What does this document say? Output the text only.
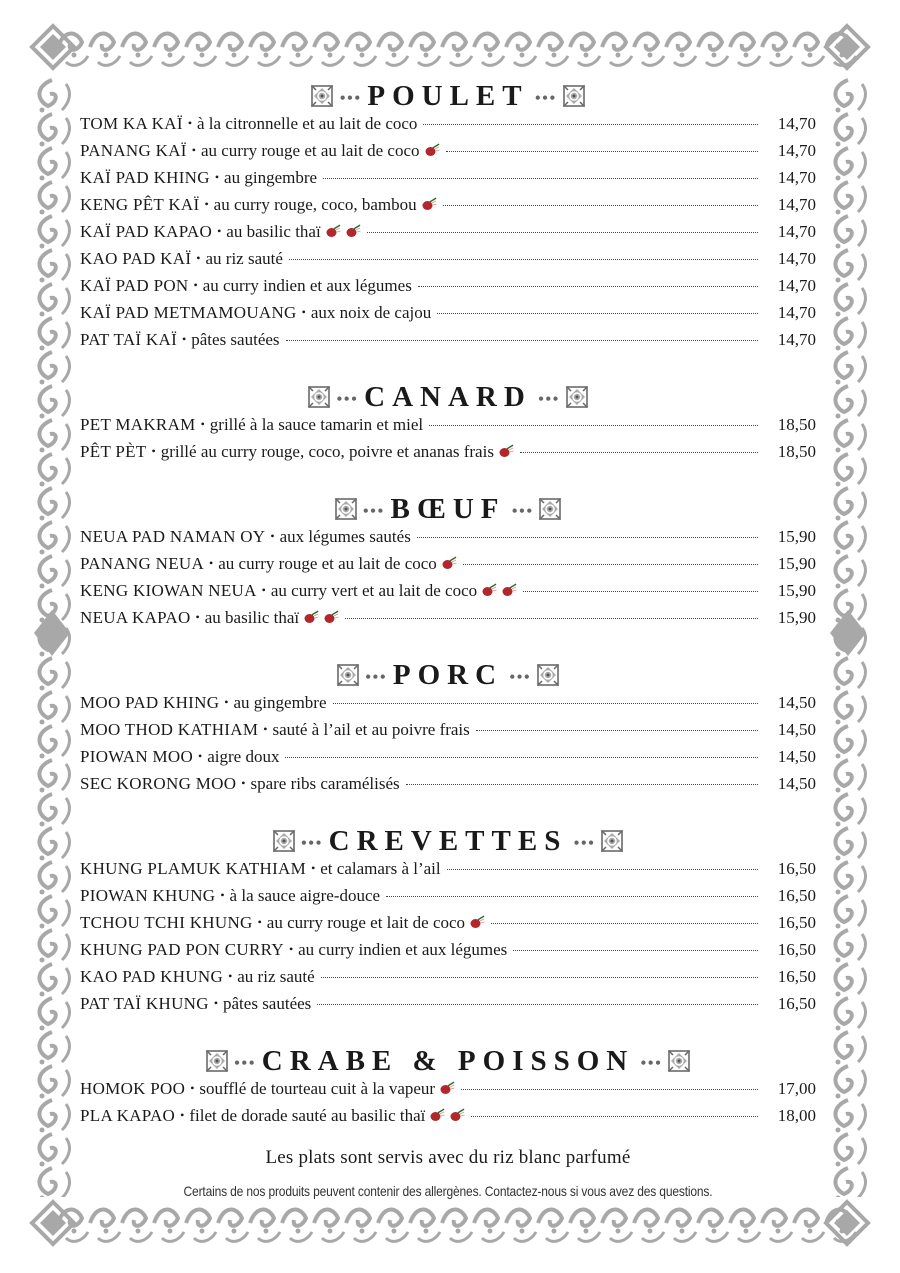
••• POULET •••
TOM KA KAÏ • à la citronnelle et au lait de coco	14,70
PANANG KAÏ • au curry rouge et au lait de coco	14,70
KAÏ PAD KHING • au gingembre	14,70
KENG PÊT KAÏ • au curry rouge, coco, bambou	14,70
KAÏ PAD KAPAO • au basilic thaï	14,70
KAO PAD KAÏ • au riz sauté	14,70
KAÏ PAD PON • au curry indien et aux légumes	14,70
KAÏ PAD METMAMOUANG • aux noix de cajou	14,70
PAT TAÏ KAÏ • pâtes sautées	14,70
••• CANARD •••
PET MAKRAM • grillé à la sauce tamarin et miel	18,50
PÊT PÈT • grillé au curry rouge, coco, poivre et ananas frais	18,50
••• BŒUF •••
NEUA PAD NAMAN OY • aux légumes sautés	15,90
PANANG NEUA • au curry rouge et au lait de coco	15,90
KENG KIOWAN NEUA • au curry vert et au lait de coco	15,90
NEUA KAPAO • au basilic thaï	15,90
••• PORC •••
MOO PAD KHING • au gingembre	14,50
MOO THOD KATHIAM • sauté à l’ail et au poivre frais	14,50
PIOWAN MOO • aigre doux	14,50
SEC KORONG MOO • spare ribs caramélisés	14,50
••• CREVETTES •••
KHUNG PLAMUK KATHIAM • et calamars à l’ail	16,50
PIOWAN KHUNG • à la sauce aigre-douce	16,50
TCHOU TCHI KHUNG • au curry rouge et lait de coco	16,50
KHUNG PAD PON CURRY • au curry indien et aux légumes	16,50
KAO PAD KHUNG • au riz sauté	16,50
PAT TAÏ KHUNG • pâtes sautées	16,50
••• CRABE & POISSON •••
HOMOK POO • soufflé de tourteau cuit à la vapeur	17,00
PLA KAPAO • filet de dorade sauté au basilic thaï	18,00
Les plats sont servis avec du riz blanc parfumé
Certains de nos produits peuvent contenir des allergènes. Contactez-nous si vous avez des questions.
